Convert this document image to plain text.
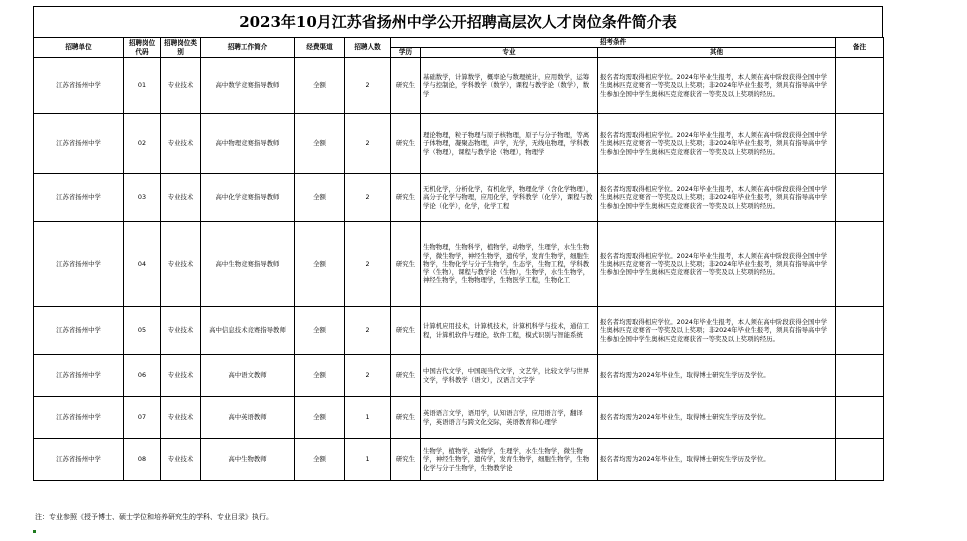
2023年10月江苏省扬州中学公开招聘高层次人才岗位条件简介表
招聘单位	招聘岗位代码	招聘岗位类别	招聘工作简介	经费渠道	招聘人数	招考条件			备注
						学历	专业	其他	
江苏省扬州中学	01	专业技术	高中数学竞赛指导教师	全额	2	研究生	基础数学，计算数学，概率论与数理统计，应用数学，运筹学与控制论，学科教学（数学），课程与教学论（数学），数学	报名者均需取得相应学位。2024年毕业生报考，本人须在高中阶段获得全国中学生奥林匹克竞赛省一等奖及以上奖项；非2024年毕业生报考，须具有指导高中学生参加全国中学生奥林匹克竞赛获省一等奖及以上奖项的经历。	
江苏省扬州中学	02	专业技术	高中物理竞赛指导教师	全额	2	研究生	理论物理，粒子物理与原子核物理，原子与分子物理，等离子体物理，凝聚态物理，声学，光学，无线电物理，学科教学（物理），课程与教学论（物理），物理学	报名者均需取得相应学位。2024年毕业生报考，本人须在高中阶段获得全国中学生奥林匹克竞赛省一等奖及以上奖项；非2024年毕业生报考，须具有指导高中学生参加全国中学生奥林匹克竞赛获省一等奖及以上奖项的经历。	
江苏省扬州中学	03	专业技术	高中化学竞赛指导教师	全额	2	研究生	无机化学，分析化学，有机化学，物理化学（含化学物理），高分子化学与物理，应用化学，学科教学（化学），课程与教学论（化学），化学，化学工程	报名者均需取得相应学位。2024年毕业生报考，本人须在高中阶段获得全国中学生奥林匹克竞赛省一等奖及以上奖项；非2024年毕业生报考，须具有指导高中学生参加全国中学生奥林匹克竞赛获省一等奖及以上奖项的经历。	
江苏省扬州中学	04	专业技术	高中生物竞赛指导教师	全额	2	研究生	生物物理，生物科学，植物学，动物学，生理学，水生生物学，微生物学，神经生物学，遗传学，发育生物学，细胞生物学，生物化学与分子生物学，生态学，生物工程，学科教学（生物），课程与教学论（生物），生物学，水生生物学，神经生物学，生物物理学，生物医学工程，生物化工	报名者均需取得相应学位。2024年毕业生报考，本人须在高中阶段获得全国中学生奥林匹克竞赛省一等奖及以上奖项；非2024年毕业生报考，须具有指导高中学生参加全国中学生奥林匹克竞赛获省一等奖及以上奖项的经历。	
江苏省扬州中学	05	专业技术	高中信息技术竞赛指导教师	全额	2	研究生	计算机应用技术，计算机技术，计算机科学与技术，通信工程，计算机软件与理论，软件工程，模式识别与智能系统	报名者均需取得相应学位。2024年毕业生报考，本人须在高中阶段获得全国中学生奥林匹克竞赛省一等奖及以上奖项；非2024年毕业生报考，须具有指导高中学生参加全国中学生奥林匹克竞赛获省一等奖及以上奖项的经历。	
江苏省扬州中学	06	专业技术	高中语文教师	全额	2	研究生	中国古代文学，中国现当代文学，文艺学，比较文学与世界文学，学科教学（语文），汉语言文字学	报名者均需为2024年毕业生，取得博士研究生学历及学位。	
江苏省扬州中学	07	专业技术	高中英语教师	全额	1	研究生	英语语言文学，语用学，认知语言学，应用语言学，翻译学，英语语言与跨文化交际，英语教育和心理学	报名者均需为2024年毕业生，取得博士研究生学历及学位。	
江苏省扬州中学	08	专业技术	高中生物教师	全额	1	研究生	生物学，植物学，动物学，生理学，水生生物学，微生物学，神经生物学，遗传学，发育生物学，细胞生物学，生物化学与分子生物学，生物教学论	报名者均需为2024年毕业生，取得博士研究生学历及学位。	
注：专业参照《授予博士、硕士学位和培养研究生的学科、专业目录》执行。
